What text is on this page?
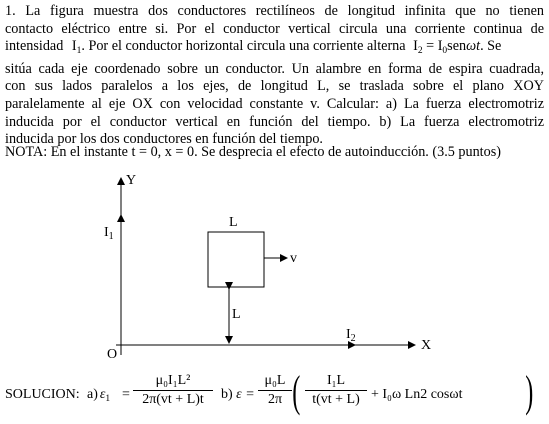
1. La figura muestra dos conductores rectilíneos de longitud infinita que no tienen
contacto eléctrico entre si. Por el conductor vertical circula una corriente continua de
intensidad $I_1$. Por el conductor horizontal circula una corriente alterna $I_2 = I_0sen\omega t$. Se
sitúa cada eje coordenado sobre un conductor. Un alambre en forma de espira cuadrada,
con sus lados paralelos a los ejes, de longitud L, se traslada sobre el plano XOY
paralelamente al eje OX con velocidad constante v. Calcular: a) La fuerza electromotriz
inducida por el conductor vertical en función del tiempo. b) La fuerza electromotriz
inducida por los dos conductores en función del tiempo.
NOTA: En el instante t = 0, x = 0. Se desprecia el efecto de autoinducción. (3.5 puntos)
Y
$I_1$
X
$I_2$
O
L
v
L
SOLUCION: a) $\varepsilon_1 = \frac{\text{μ₀I₁L²}}{2\pi(vt + L)t} b$) $\varepsilon = \frac{\text{μ₀L}}{2\pi}$ ( $\frac{\text{I₁L}}{t(vt + L)} + I_0\omega$ Ln2 cosωt )
